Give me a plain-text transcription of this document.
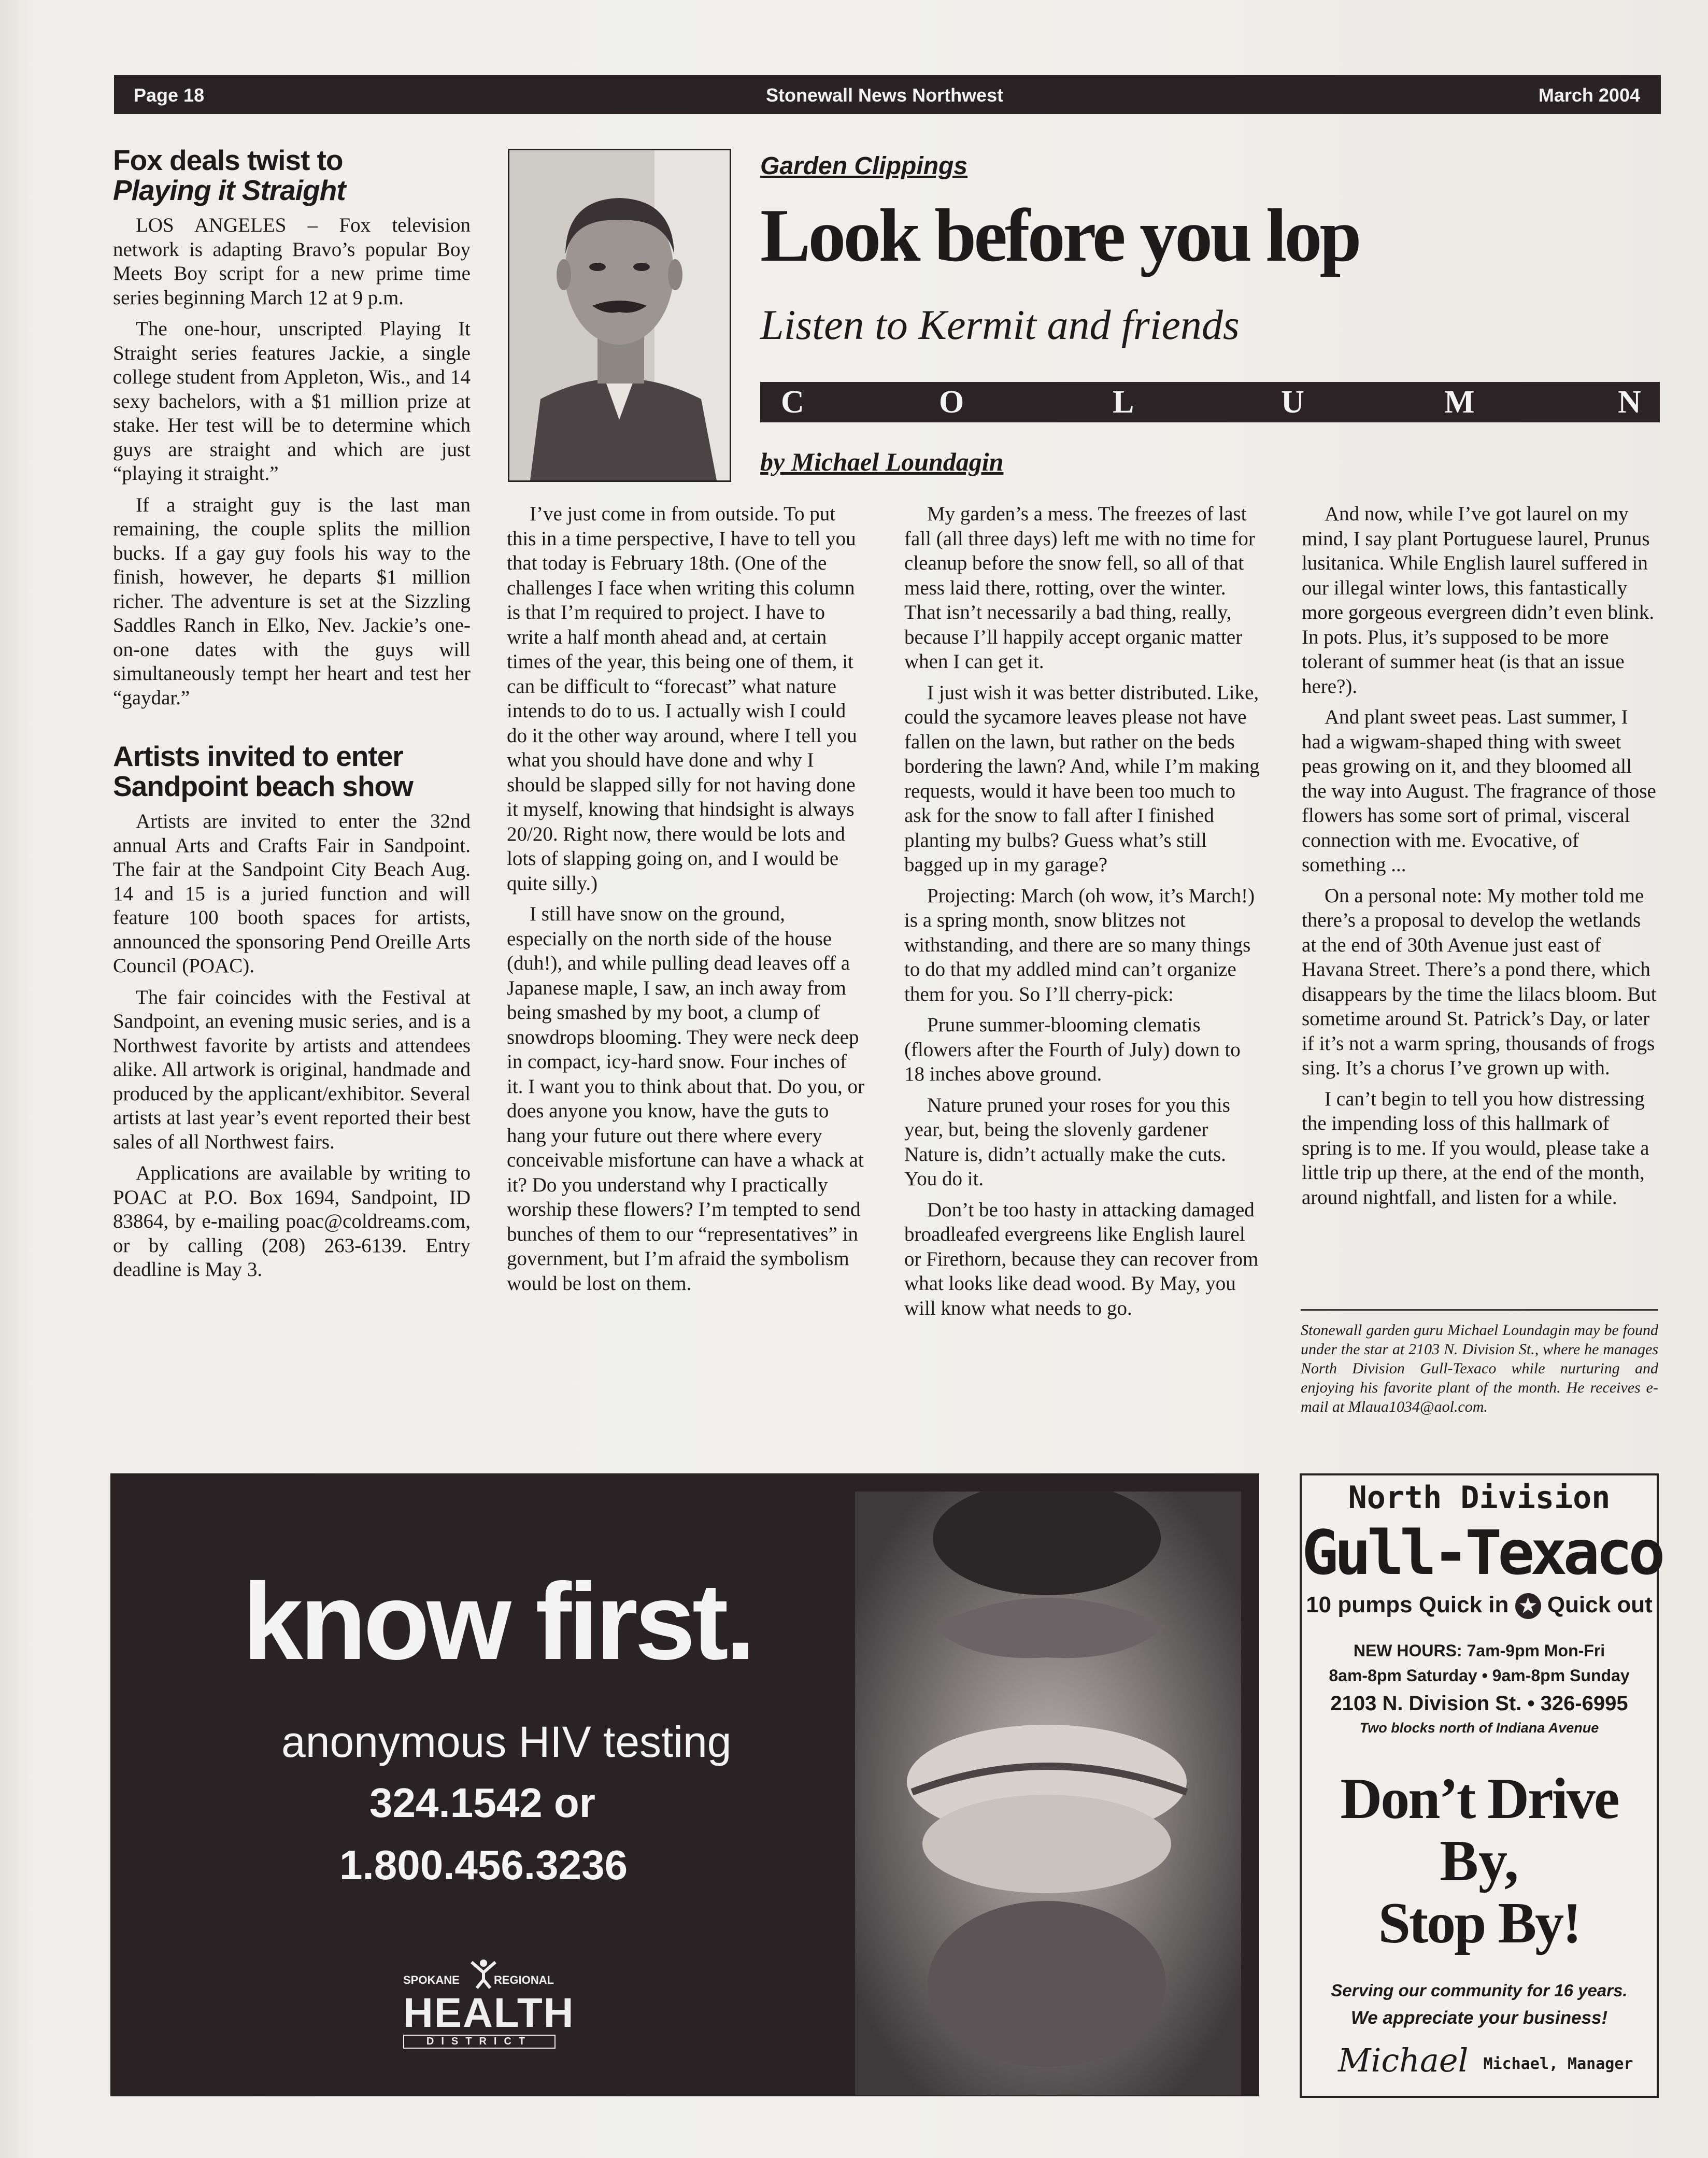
Page 18	Stonewall News Northwest	March 2004
Fox deals twist to
Playing it Straight

LOS ANGELES – Fox television network is adapting Bravo’s popular Boy Meets Boy script for a new prime time series beginning March 12 at 9 p.m.

The one-hour, unscripted Playing It Straight series features Jackie, a single college student from Appleton, Wis., and 14 sexy bachelors, with a $1 million prize at stake. Her test will be to determine which guys are straight and which are just “playing it straight.”

If a straight guy is the last man remaining, the couple splits the million bucks. If a gay guy fools his way to the finish, however, he departs $1 million richer. The adventure is set at the Sizzling Saddles Ranch in Elko, Nev. Jackie’s one-on-one dates with the guys will simultaneously tempt her heart and test her “gaydar.”

Artists invited to enter
Sandpoint beach show

Artists are invited to enter the 32nd annual Arts and Crafts Fair in Sandpoint. The fair at the Sandpoint City Beach Aug. 14 and 15 is a juried function and will feature 100 booth spaces for artists, announced the sponsoring Pend Oreille Arts Council (POAC).

The fair coincides with the Festival at Sandpoint, an evening music series, and is a Northwest favorite by artists and attendees alike. All artwork is original, handmade and produced by the applicant/exhibitor. Several artists at last year’s event reported their best sales of all Northwest fairs.

Applications are available by writing to POAC at P.O. Box 1694, Sandpoint, ID 83864, by e-mailing poac@coldreams.com, or by calling (208) 263-6139. Entry deadline is May 3.

Garden Clippings
Look before you lop
Listen to Kermit and friends
C	O	L	U	M	N
by Michael Loundagin

I’ve just come in from outside. To put this in a time perspective, I have to tell you that today is February 18th. (One of the challenges I face when writing this column is that I’m required to project. I have to write a half month ahead and, at certain times of the year, this being one of them, it can be difficult to “forecast” what nature intends to do to us. I actually wish I could do it the other way around, where I tell you what you should have done and why I should be slapped silly for not having done it myself, knowing that hindsight is always 20/20. Right now, there would be lots and lots of slapping going on, and I would be quite silly.)

I still have snow on the ground, especially on the north side of the house (duh!), and while pulling dead leaves off a Japanese maple, I saw, an inch away from being smashed by my boot, a clump of snowdrops blooming. They were neck deep in compact, icy-hard snow. Four inches of it. I want you to think about that. Do you, or does anyone you know, have the guts to hang your future out there where every conceivable misfortune can have a whack at it? Do you understand why I practically worship these flowers? I’m tempted to send bunches of them to our “representatives” in government, but I’m afraid the symbolism would be lost on them.

My garden’s a mess. The freezes of last fall (all three days) left me with no time for cleanup before the snow fell, so all of that mess laid there, rotting, over the winter. That isn’t necessarily a bad thing, really, because I’ll happily accept organic matter when I can get it.

I just wish it was better distributed. Like, could the sycamore leaves please not have fallen on the lawn, but rather on the beds bordering the lawn? And, while I’m making requests, would it have been too much to ask for the snow to fall after I finished planting my bulbs? Guess what’s still bagged up in my garage?

Projecting: March (oh wow, it’s March!) is a spring month, snow blitzes not withstanding, and there are so many things to do that my addled mind can’t organize them for you. So I’ll cherry-pick:

Prune summer-blooming clematis (flowers after the Fourth of July) down to 18 inches above ground.

Nature pruned your roses for you this year, but, being the slovenly gardener Nature is, didn’t actually make the cuts. You do it.

Don’t be too hasty in attacking damaged broadleafed evergreens like English laurel or Firethorn, because they can recover from what looks like dead wood. By May, you will know what needs to go.

And now, while I’ve got laurel on my mind, I say plant Portuguese laurel, Prunus lusitanica. While English laurel suffered in our illegal winter lows, this fantastically more gorgeous evergreen didn’t even blink. In pots. Plus, it’s supposed to be more tolerant of summer heat (is that an issue here?).

And plant sweet peas. Last summer, I had a wigwam-shaped thing with sweet peas growing on it, and they bloomed all the way into August. The fragrance of those flowers has some sort of primal, visceral connection with me. Evocative, of something ...

On a personal note: My mother told me there’s a proposal to develop the wetlands at the end of 30th Avenue just east of Havana Street. There’s a pond there, which disappears by the time the lilacs bloom. But sometime around St. Patrick’s Day, or later if it’s not a warm spring, thousands of frogs sing. It’s a chorus I’ve grown up with.

I can’t begin to tell you how distressing the impending loss of this hallmark of spring is to me. If you would, please take a little trip up there, at the end of the month, around nightfall, and listen for a while.

Stonewall garden guru Michael Loundagin may be found under the star at 2103 N. Division St., where he manages North Division Gull-Texaco while nurturing and enjoying his favorite plant of the month. He receives e-mail at Mlaua1034@aol.com.
know first.
anonymous HIV testing
324.1542 or
1.800.456.3236
SPOKANE	REGIONAL
HEALTH
DISTRICT
North Division
Gull-Texaco
10 pumps Quick in ★ Quick out
NEW HOURS: 7am-9pm Mon-Fri
8am-8pm Saturday • 9am-8pm Sunday
2103 N. Division St. • 326-6995
Two blocks north of Indiana Avenue
Don’t Drive
By,
Stop By!
Serving our community for 16 years.
We appreciate your business!
Michael Michael, Manager
